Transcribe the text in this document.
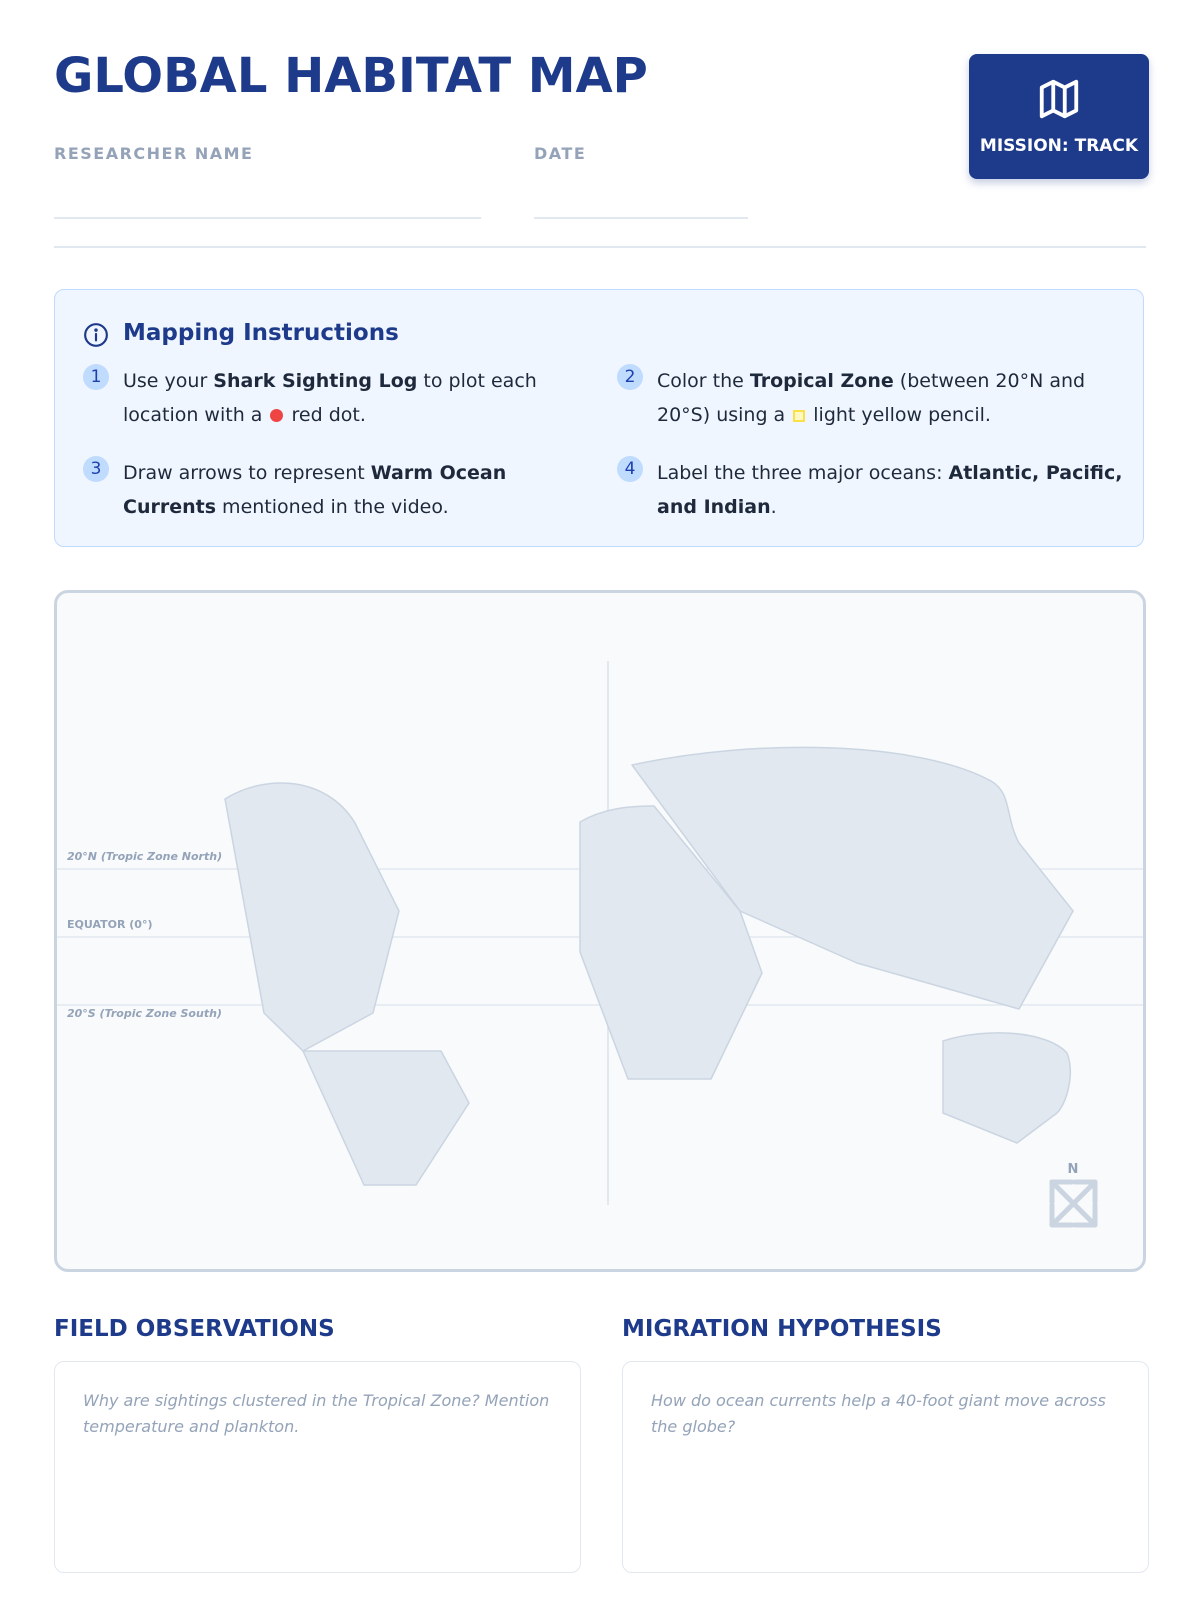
GLOBAL HABITAT MAP
RESEARCHER NAME	DATE	MISSION: TRACK
Mapping Instructions
1	Use your Shark Sighting Log to plot each location with a  red dot.
2	Color the Tropical Zone (between 20°N and 20°S) using a  light yellow pencil.
3	Draw arrows to represent Warm Ocean Currents mentioned in the video.
4	Label the three major oceans: Atlantic, Pacific, and Indian.
20°N (Tropic Zone North)
EQUATOR (0°)
20°S (Tropic Zone South)
N
FIELD OBSERVATIONS
Why are sightings clustered in the Tropical Zone? Mention temperature and plankton.
MIGRATION HYPOTHESIS
How do ocean currents help a 40-foot giant move across the globe?
